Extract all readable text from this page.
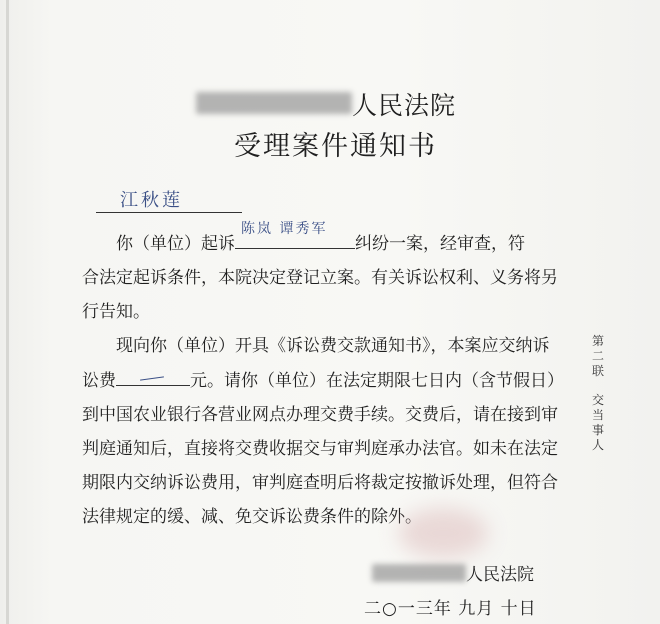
人民法院
受理案件通知书
江秋莲
你（单位）起诉
陈岚 谭秀军
纠纷一案，经审查，符
合法定起诉条件，本院决定登记立案。有关诉讼权利、义务将另
行告知。
现向你（单位）开具《诉讼费交款通知书》，本案应交纳诉
讼费	元。请你（单位）在法定期限七日内（含节假日）
到中国农业银行各营业网点办理交费手续。交费后，请在接到审
判庭通知后，直接将交费收据交与审判庭承办法官。如未在法定
期限内交纳诉讼费用，审判庭查明后将裁定按撤诉处理，但符合
法律规定的缓、减、免交诉讼费条件的除外。
第
二
联
交
当
事
人
人民法院
二○一三年 九月 十日
